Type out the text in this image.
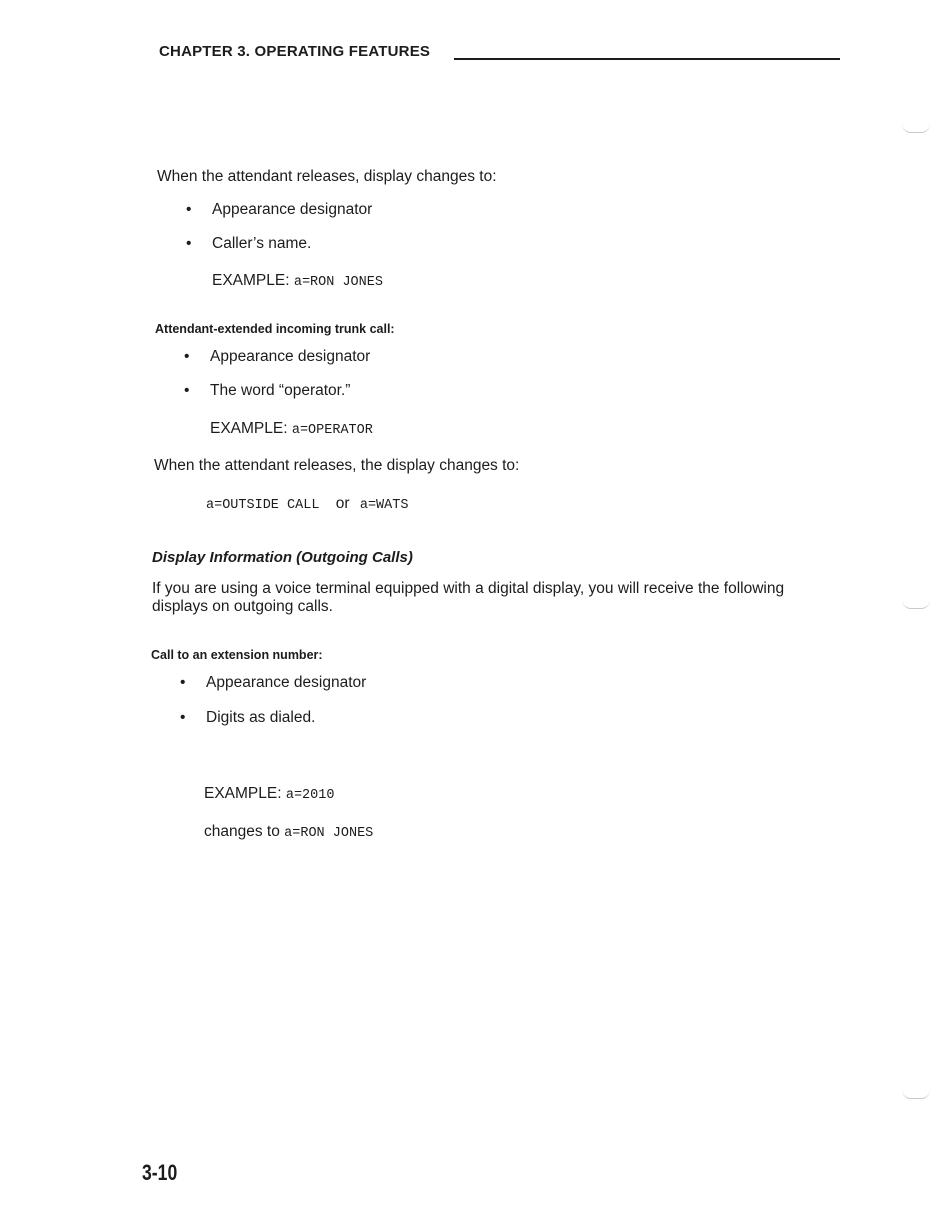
CHAPTER 3. OPERATING FEATURES
When the attendant releases, display changes to:
• Appearance designator
• Caller’s name.
EXAMPLE: a=RON JONES
Attendant-extended incoming trunk call:
• Appearance designator
• The word “operator.”
EXAMPLE: a=OPERATOR
When the attendant releases, the display changes to:
a=OUTSIDE CALL or a=WATS
Display Information (Outgoing Calls)
If you are using a voice terminal equipped with a digital display, you will receive the following
displays on outgoing calls.
Call to an extension number:
• Appearance designator
• Digits as dialed.
EXAMPLE: a=2010
changes to a=RON JONES
3-10
